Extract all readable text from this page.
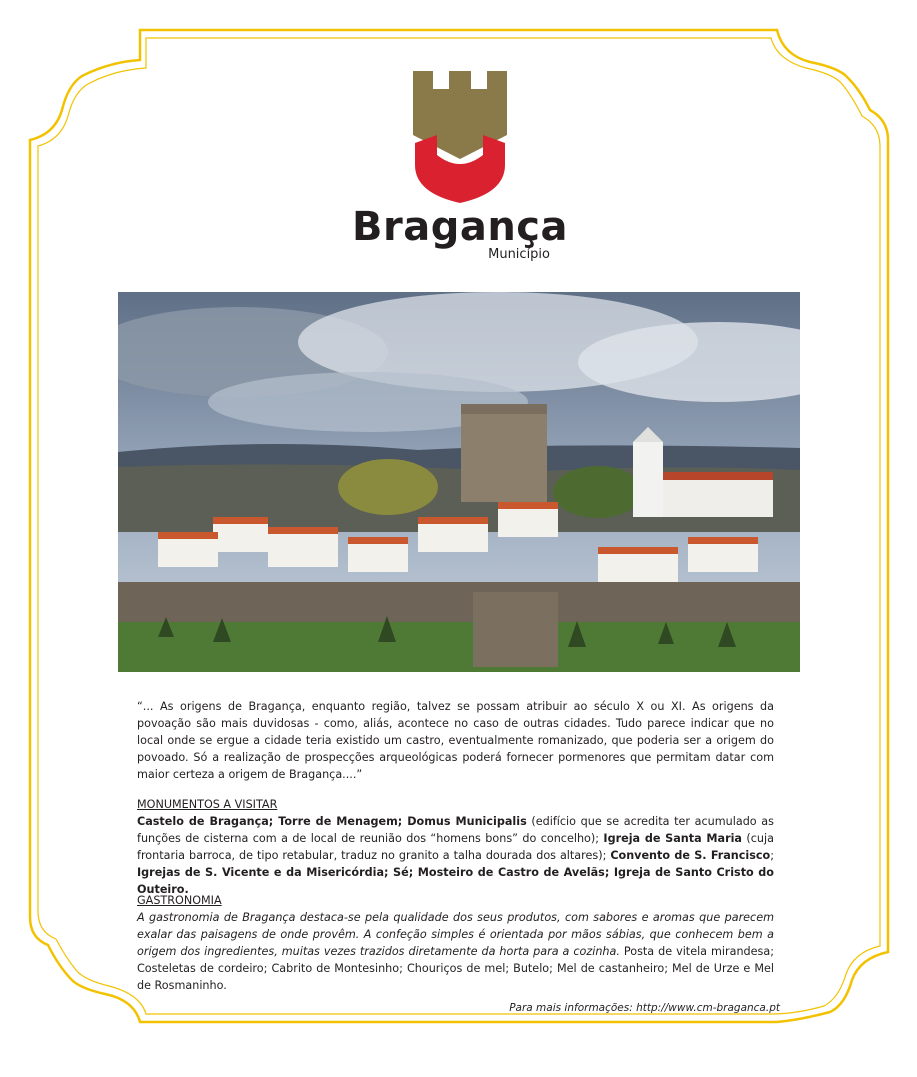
Bragança
Município
“... As origens de Bragança, enquanto região, talvez se possam atribuir ao século X ou XI. As origens da povoação são mais duvidosas - como, aliás, acontece no caso de outras cidades. Tudo parece indicar que no local onde se ergue a cidade teria existido um castro, eventualmente romanizado, que poderia ser a origem do povoado. Só a realização de prospecções arqueológicas poderá fornecer pormenores que permitam datar com maior certeza a origem de Bragança....”
MONUMENTOS A VISITAR
Castelo de Bragança; Torre de Menagem; Domus Municipalis (edifício que se acredita ter acumulado as funções de cisterna com a de local de reunião dos “homens bons” do concelho); Igreja de Santa Maria (cuja frontaria barroca, de tipo retabular, traduz no granito a talha dourada dos altares); Convento de S. Francisco; Igrejas de S. Vicente e da Misericórdia; Sé; Mosteiro de Castro de Avelãs; Igreja de Santo Cristo do Outeiro.
GASTRONOMIA
A gastronomia de Bragança destaca-se pela qualidade dos seus produtos, com sabores e aromas que parecem exalar das paisagens de onde provêm. A confeção simples é orientada por mãos sábias, que conhecem bem a origem dos ingredientes, muitas vezes trazidos diretamente da horta para a cozinha. Posta de vitela mirandesa; Costeletas de cordeiro; Cabrito de Montesinho; Chouriços de mel; Butelo; Mel de castanheiro; Mel de Urze e Mel de Rosmaninho.
Para mais informações: http://www.cm-braganca.pt
